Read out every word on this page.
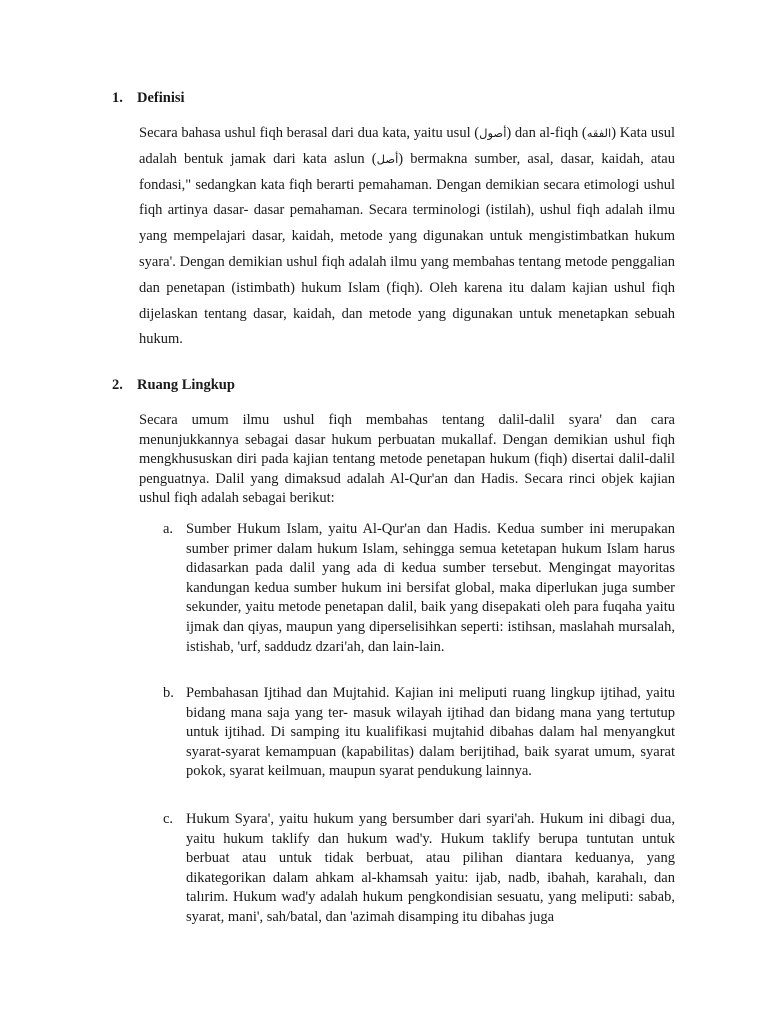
1. Definisi
Secara bahasa ushul fiqh berasal dari dua kata, yaitu usul (أصول) dan al-fiqh (الفقه) Kata usul adalah bentuk jamak dari kata aslun (أصل) bermakna sumber, asal, dasar, kaidah, atau fondasi," sedangkan kata fiqh berarti pemahaman. Dengan demikian secara etimologi ushul fiqh artinya dasar- dasar pemahaman. Secara terminologi (istilah), ushul fiqh adalah ilmu yang mempelajari dasar, kaidah, metode yang digunakan untuk mengistimbatkan hukum syara'. Dengan demikian ushul fiqh adalah ilmu yang membahas tentang metode penggalian dan penetapan (istimbath) hukum Islam (fiqh). Oleh karena itu dalam kajian ushul fiqh dijelaskan tentang dasar, kaidah, dan metode yang digunakan untuk menetapkan sebuah hukum.
2. Ruang Lingkup
Secara umum ilmu ushul fiqh membahas tentang dalil-dalil syara' dan cara menunjukkannya sebagai dasar hukum perbuatan mukallaf. Dengan demikian ushul fiqh mengkhususkan diri pada kajian tentang metode penetapan hukum (fiqh) disertai dalil-dalil penguatnya. Dalil yang dimaksud adalah Al-Qur'an dan Hadis. Secara rinci objek kajian ushul fiqh adalah sebagai berikut:
a. Sumber Hukum Islam, yaitu Al-Qur'an dan Hadis. Kedua sumber ini merupakan sumber primer dalam hukum Islam, sehingga semua ketetapan hukum Islam harus didasarkan pada dalil yang ada di kedua sumber tersebut. Mengingat mayoritas kandungan kedua sumber hukum ini bersifat global, maka diperlukan juga sumber sekunder, yaitu metode penetapan dalil, baik yang disepakati oleh para fuqaha yaitu ijmak dan qiyas, maupun yang diperselisihkan seperti: istihsan, maslahah mursalah, istishab, 'urf, saddudz dzari'ah, dan lain-lain.
b. Pembahasan Ijtihad dan Mujtahid. Kajian ini meliputi ruang lingkup ijtihad, yaitu bidang mana saja yang ter- masuk wilayah ijtihad dan bidang mana yang tertutup untuk ijtihad. Di samping itu kualifikasi mujtahid dibahas dalam hal menyangkut syarat-syarat kemampuan (kapabilitas) dalam berijtihad, baik syarat umum, syarat pokok, syarat keilmuan, maupun syarat pendukung lainnya.
c. Hukum Syara', yaitu hukum yang bersumber dari syari'ah. Hukum ini dibagi dua, yaitu hukum taklify dan hukum wad'y. Hukum taklify berupa tuntutan untuk berbuat atau untuk tidak berbuat, atau pilihan diantara keduanya, yang dikategorikan dalam ahkam al-khamsah yaitu: ijab, nadb, ibahah, karahalı, dan talırim. Hukum wad'y adalah hukum pengkondisian sesuatu, yang meliputi: sabab, syarat, mani', sah/batal, dan 'azimah disamping itu dibahas juga
